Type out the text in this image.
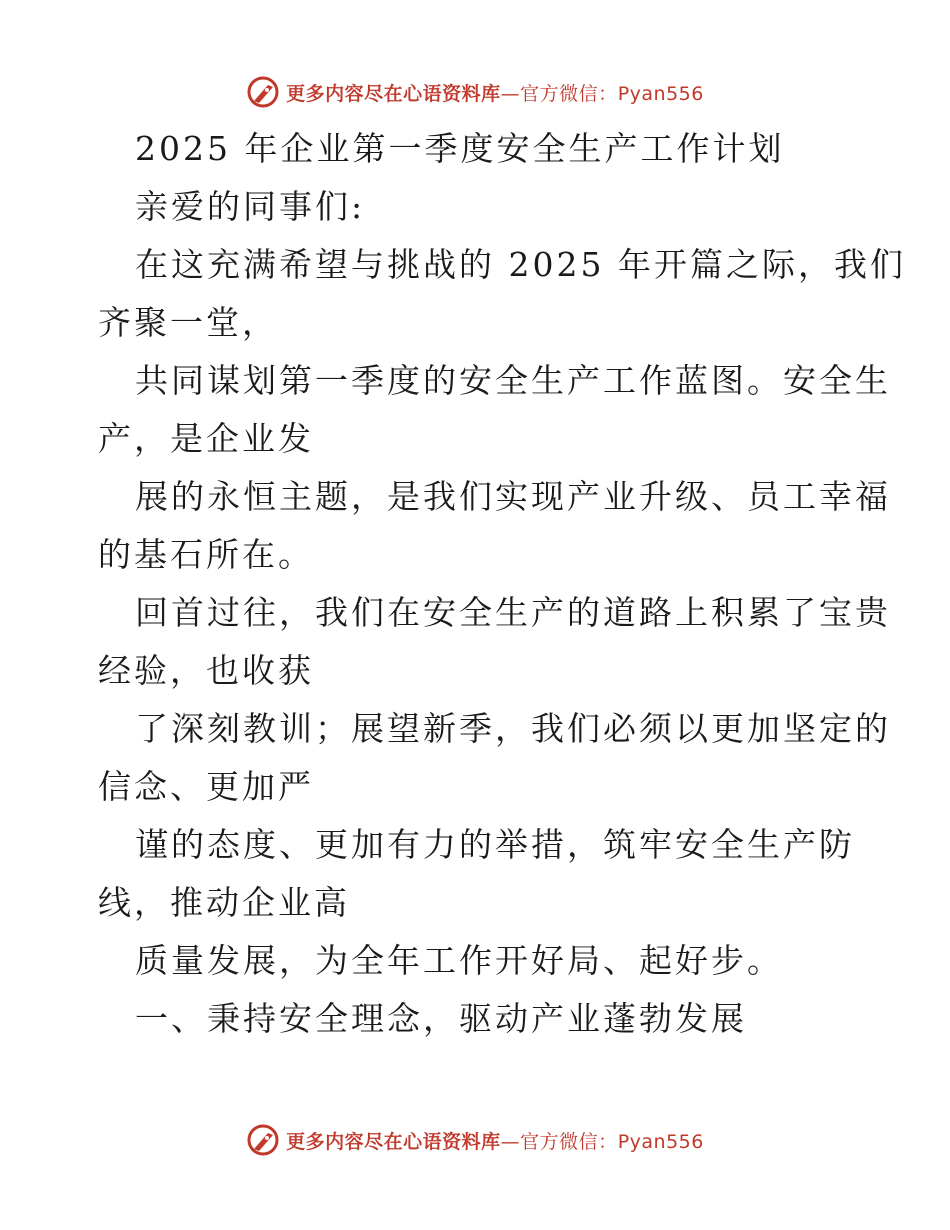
更多内容尽在心语资料库—官方微信：Pyan556
2025 年企业第一季度安全生产工作计划
亲爱的同事们:
在这充满希望与挑战的 2025 年开篇之际，我们
齐聚一堂，
共同谋划第一季度的安全生产工作蓝图。安全生
产，是企业发
展的永恒主题，是我们实现产业升级、员工幸福
的基石所在。
回首过往，我们在安全生产的道路上积累了宝贵
经验，也收获
了深刻教训；展望新季，我们必须以更加坚定的
信念、更加严
谨的态度、更加有力的举措，筑牢安全生产防
线，推动企业高
质量发展，为全年工作开好局、起好步。
一、秉持安全理念，驱动产业蓬勃发展
更多内容尽在心语资料库—官方微信：Pyan556
